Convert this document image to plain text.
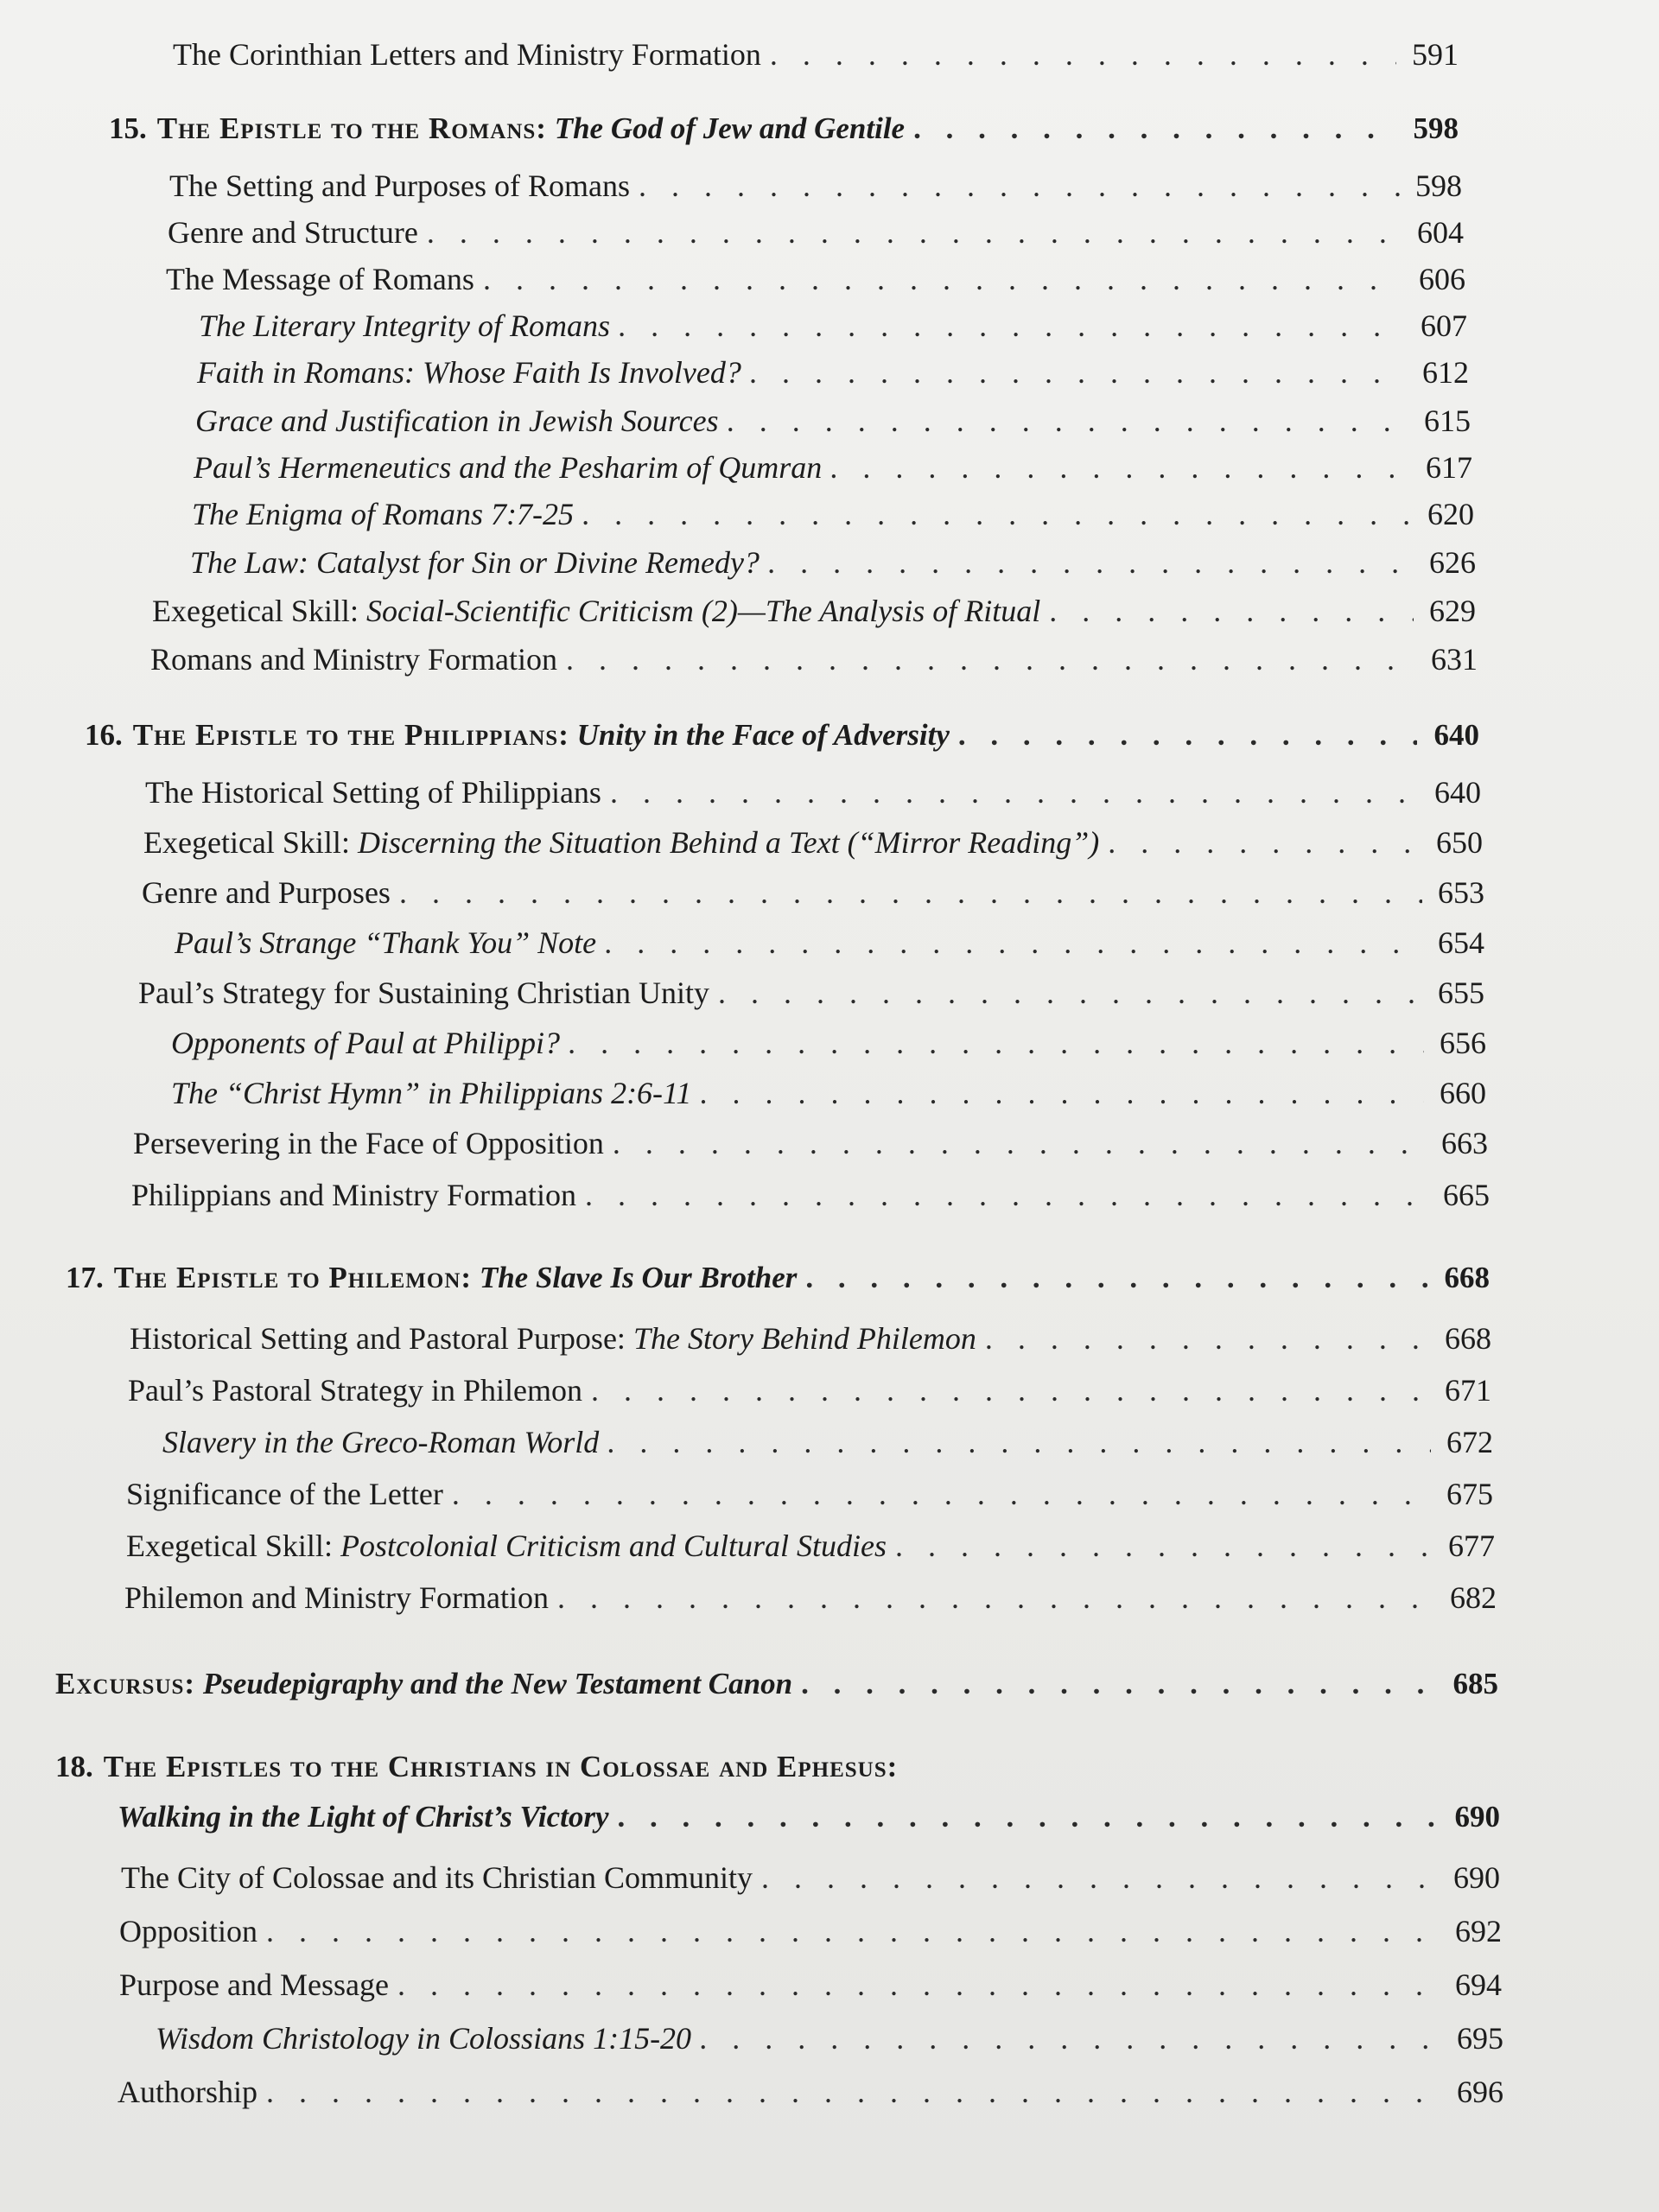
The Corinthian Letters and Ministry Formation . . .	591
15. The Epistle to the Romans: The God of Jew and Gentile . . .	598
The Setting and Purposes of Romans . . .	598
Genre and Structure . . .	604
The Message of Romans . . .	606
The Literary Integrity of Romans . . .	607
Faith in Romans: Whose Faith Is Involved? . . .	612
Grace and Justification in Jewish Sources . . .	615
Paul’s Hermeneutics and the Pesharim of Qumran . . .	617
The Enigma of Romans 7:7-25 . . .	620
The Law: Catalyst for Sin or Divine Remedy? . . .	626
Exegetical Skill: Social-Scientific Criticism (2)—The Analysis of Ritual . . .	629
Romans and Ministry Formation . . .	631
16. The Epistle to the Philippians: Unity in the Face of Adversity . . .	640
The Historical Setting of Philippians . . .	640
Exegetical Skill: Discerning the Situation Behind a Text (“Mirror Reading”) . . .	650
Genre and Purposes . . .	653
Paul’s Strange “Thank You” Note . . .	654
Paul’s Strategy for Sustaining Christian Unity . . .	655
Opponents of Paul at Philippi? . . .	656
The “Christ Hymn” in Philippians 2:6-11 . . .	660
Persevering in the Face of Opposition . . .	663
Philippians and Ministry Formation . . .	665
17. The Epistle to Philemon: The Slave Is Our Brother . . .	668
Historical Setting and Pastoral Purpose: The Story Behind Philemon . . .	668
Paul’s Pastoral Strategy in Philemon . . .	671
Slavery in the Greco-Roman World . . .	672
Significance of the Letter . . .	675
Exegetical Skill: Postcolonial Criticism and Cultural Studies . . .	677
Philemon and Ministry Formation . . .	682
Excursus: Pseudepigraphy and the New Testament Canon . . .	685
18. The Epistles to the Christians in Colossae and Ephesus:
Walking in the Light of Christ’s Victory . . .	690
The City of Colossae and its Christian Community . . .	690
Opposition . . .	692
Purpose and Message . . .	694
Wisdom Christology in Colossians 1:15-20 . . .	695
Authorship . . .	696
